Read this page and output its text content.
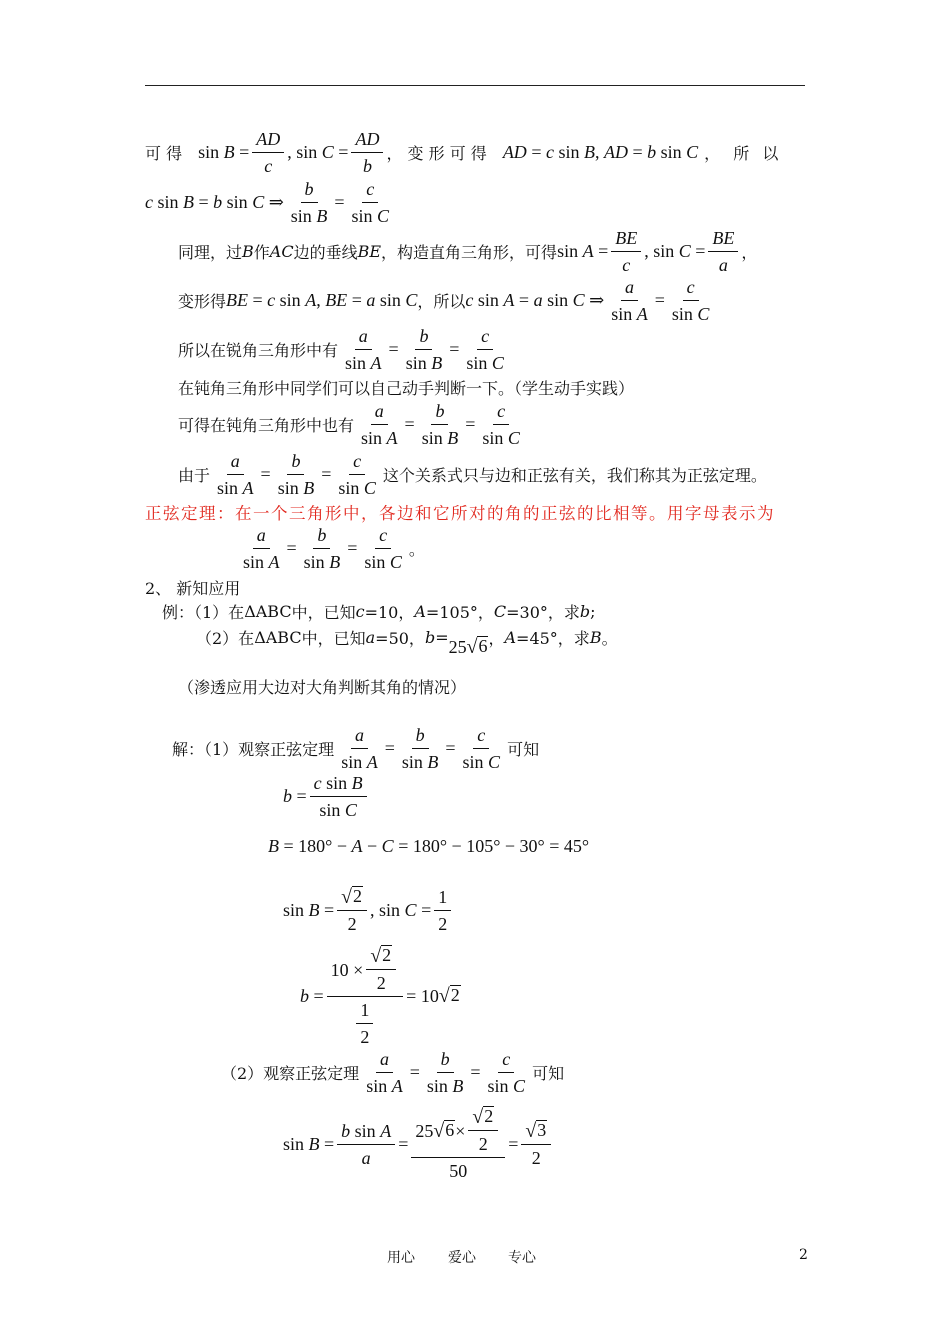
可 得 $\sin B = \frac{AD}{c}$ , $\sin C = \frac{AD}{b}$ ， 变 形 可 得 AD = c sin B, AD = b sin C ， 所 以
c sin B = b sin C ⇒ $\frac{b}{\text{sin B}} = \frac{c}{\text{sin C}}$
同理，过 B 作 AC 边的垂线 BE ，构造直角三角形，可得 $\sin A = \frac{BE}{c}$ , $\sin C = \frac{BE}{a}$ ，
变形得 BE = c sin A, BE = a sin C ，所以 c sin A = a sin C ⇒ $\frac{a}{\text{sin A}} = \frac{c}{\text{sin C}}$
所以在锐角三角形中有 $\frac{a}{\text{sin A}} = \frac{b}{\text{sin B}} = \frac{c}{\text{sin C}}$
在钝角三角形中同学们可以自己动手判断一下。（学生动手实践）
可得在钝角三角形中也有 $\frac{a}{\text{sin A}} = \frac{b}{\text{sin B}} = \frac{c}{\text{sin C}}$
由于 $\frac{a}{\text{sin A}} = \frac{b}{\text{sin B}} = \frac{c}{\text{sin C}}$ 这个关系式只与边和正弦有关，我们称其为正弦定理。
正弦定理：在一个三角形中，各边和它所对的角的正弦的比相等。用字母表示为
$\frac{a}{\text{sin A}} = \frac{b}{\text{sin B}} = \frac{c}{\text{sin C}}$ 。
2、 新知应用
例：（1）在 ΔABC 中，已知 c =10， A =105°， C =30°，求 b ;
（2）在 ΔABC 中，已知 a =50， b = 25 √ 6 ， A =45°，求 B 。
（渗透应用大边对大角判断其角的情况）
解：（1）观察正弦定理 $\frac{a}{\text{sin A}} = \frac{b}{\text{sin B}} = \frac{c}{\text{sin C}}$ 可知
$b = \frac{\text{c sin B}}{\text{sin C}}$
B = 180° − A − C = 180° − 105° − 30° = 45°
$\sin B = \frac{√ 2}{2}$ , $\sin C = \frac{1}{2}$
$b = \frac{10 \times \frac{√ 2}{2}}{\frac{1}{2}} = 10$ √ 2
（2）观察正弦定理 $\frac{a}{\text{sin A}} = \frac{b}{\text{sin B}} = \frac{c}{\text{sin C}}$ 可知
$\sin B = \frac{\text{b sin A}}{a} = \frac{25 √ 6 \times \frac{√ 2}{2}}{50} = \frac{√ 3}{2}$
用心 爱心 专心	2
